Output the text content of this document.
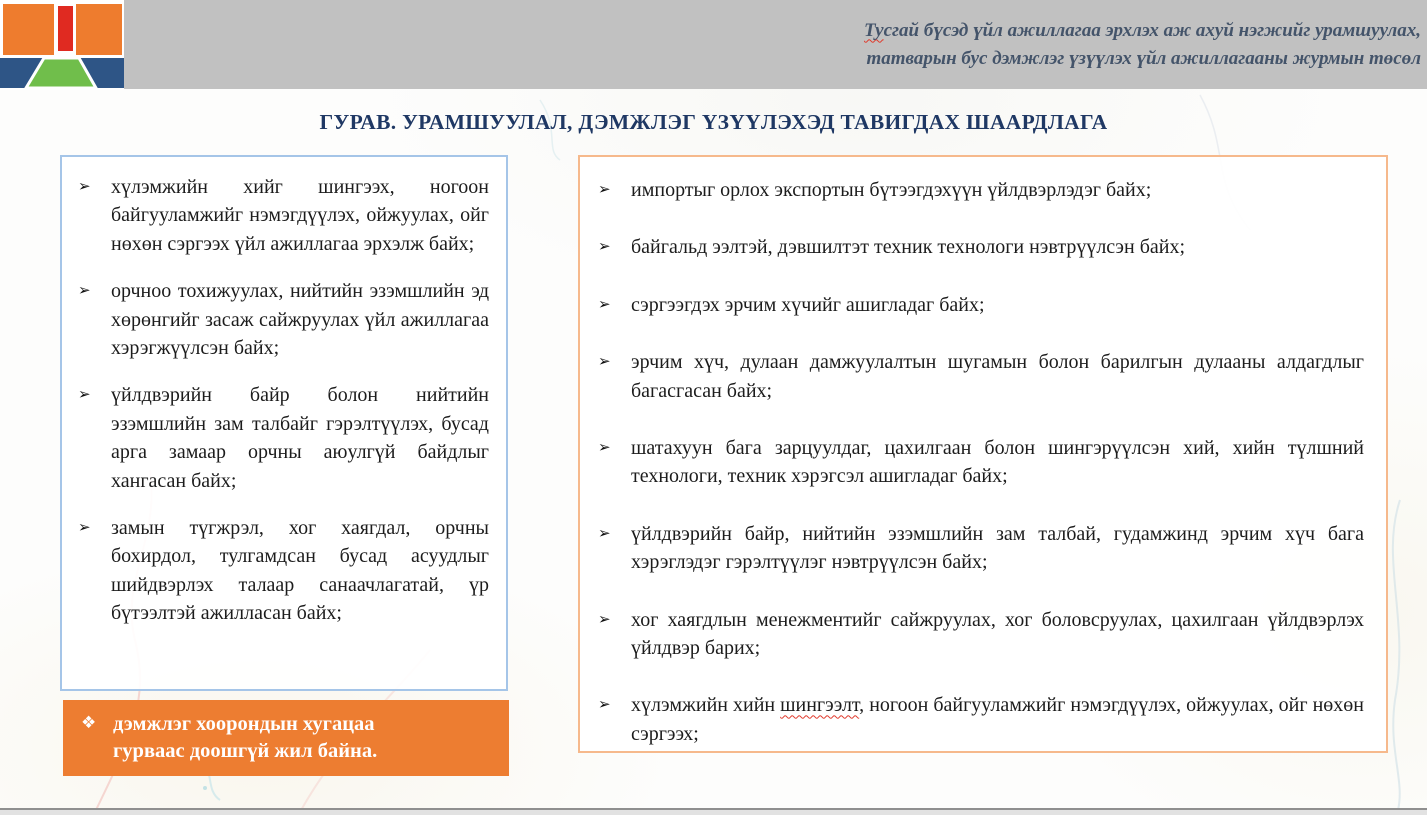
Тусгай бүсэд үйл ажиллагаа эрхлэх аж ахуй нэгжийг урамшуулах,
татварын бус дэмжлэг үзүүлэх үйл ажиллагааны журмын төсөл
ГУРАВ. УРАМШУУЛАЛ, ДЭМЖЛЭГ ҮЗҮҮЛЭХЭД ТАВИГДАХ ШААРДЛАГА
➢ хүлэмжийн хийг шингээх, ногоон байгууламжийг нэмэгдүүлэх, ойжуулах, ойг нөхөн сэргээх үйл ажиллагаа эрхэлж байх;
➢ орчноо тохижуулах, нийтийн эзэмшлийн эд хөрөнгийг засаж сайжруулах үйл ажиллагаа хэрэгжүүлсэн байх;
➢ үйлдвэрийн байр болон нийтийн эзэмшлийн зам талбайг гэрэлтүүлэх, бусад арга замаар орчны аюулгүй байдлыг хангасан байх;
➢ замын түгжрэл, хог хаягдал, орчны бохирдол, тулгамдсан бусад асуудлыг шийдвэрлэх талаар санаачлагатай, үр бүтээлтэй ажилласан байх;
➢ импортыг орлох экспортын бүтээгдэхүүн үйлдвэрлэдэг байх;
➢ байгальд ээлтэй, дэвшилтэт техник технологи нэвтрүүлсэн байх;
➢ сэргээгдэх эрчим хүчийг ашигладаг байх;
➢ эрчим хүч, дулаан дамжуулалтын шугамын болон барилгын дулааны алдагдлыг багасгасан байх;
➢ шатахуун бага зарцуулдаг, цахилгаан болон шингэрүүлсэн хий, хийн түлшний технологи, техник хэрэгсэл ашигладаг байх;
➢ үйлдвэрийн байр, нийтийн эзэмшлийн зам талбай, гудамжинд эрчим хүч бага хэрэглэдэг гэрэлтүүлэг нэвтрүүлсэн байх;
➢ хог хаягдлын менежментийг сайжруулах, хог боловсруулах, цахилгаан үйлдвэрлэх үйлдвэр барих;
➢ хүлэмжийн хийн шингээлт, ногоон байгууламжийг нэмэгдүүлэх, ойжуулах, ойг нөхөн сэргээх;
❖ дэмжлэг хоорондын хугацаа гурваас доошгүй жил байна.
